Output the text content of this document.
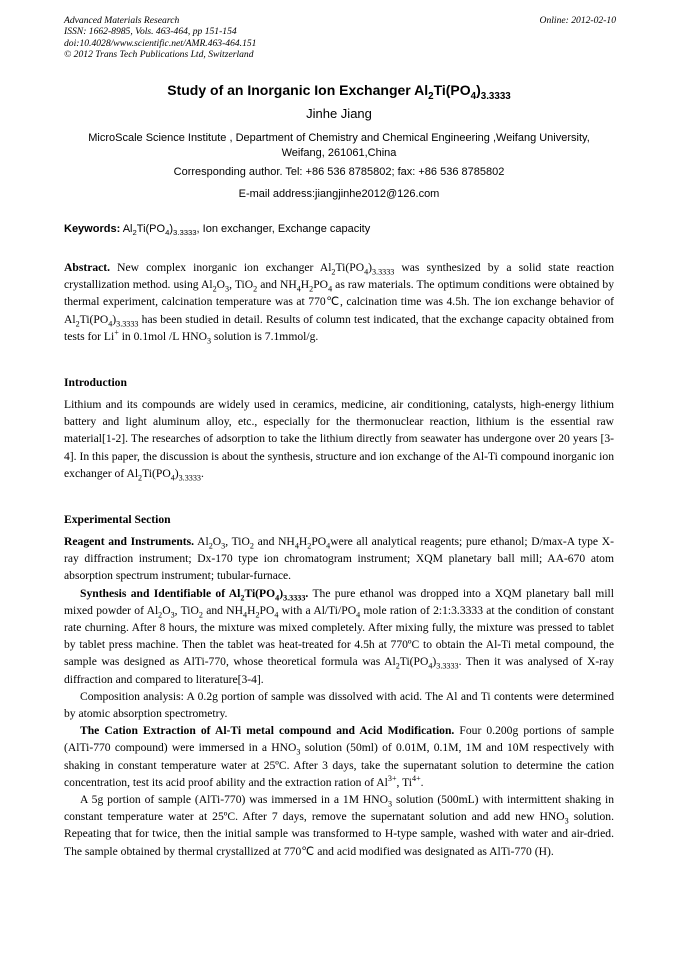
Advanced Materials Research
ISSN: 1662-8985, Vols. 463-464, pp 151-154
doi:10.4028/www.scientific.net/AMR.463-464.151
© 2012 Trans Tech Publications Ltd, Switzerland
Online: 2012-02-10
Study of an Inorganic Ion Exchanger $Al_2Ti(PO_4)_{3.3333}$
Jinhe Jiang
MicroScale Science Institute , Department of Chemistry and Chemical Engineering ,Weifang University, Weifang, 261061,China
Corresponding author. Tel: +86 536 8785802; fax: +86 536 8785802
E-mail address:jiangjinhe2012@126.com
Keywords: $Al_2Ti(PO_4)_{3.3333}$, Ion exchanger, Exchange capacity

Abstract. New complex inorganic ion exchanger $Al_2Ti(PO_4)_{3.3333}$ was synthesized by a solid state reaction crystallization method. using $Al_2O_3$, TiO$_2$ and $NH_4H_2PO_4$ as raw materials. The optimum conditions were obtained by thermal experiment, calcination temperature was at 770℃, calcination time was 4.5h. The ion exchange behavior of $Al_2Ti(PO_4)_{3.3333}$ has been studied in detail. Results of column test indicated, that the exchange capacity obtained from tests for Li+ in 0.1mol /L $HNO_3$ solution is 7.1mmol/g.

Introduction

Lithium and its compounds are widely used in ceramics, medicine, air conditioning, catalysts, high-energy lithium battery and light aluminum alloy, etc., especially for the thermonuclear reaction, lithium is the essential raw material[1-2]. The researches of adsorption to take the lithium directly from seawater has undergone over 20 years [3-4]. In this paper, the discussion is about the synthesis, structure and ion exchange of the Al-Ti compound inorganic ion exchanger of $Al_2Ti(PO_4)_{3.3333}$.

Experimental Section

Reagent and Instruments. $Al_2O_3$, TiO$_2$ and $NH_4H_2PO_4were$ all analytical reagents; pure ethanol; D/max-A type X-ray diffraction instrument; Dx-170 type ion chromatogram instrument; XQM planetary ball mill; AA-670 atom absorption spectrum instrument; tubular-furnace.

Synthesis and Identifiable of $Al_2Ti(PO_4)_{3.3333}$. The pure ethanol was dropped into a XQM planetary ball mill mixed powder of $Al_2O_3$, TiO$_2$ and $NH_4H_2PO_4$ with a $Al/Ti/PO_4$ mole ration of 2:1:3.3333 at the condition of constant rate churning. After 8 hours, the mixture was mixed completely. After mixing fully, the mixture was pressed to tablet by tablet press machine. Then the tablet was heat-treated for 4.5h at 770ºC to obtain the Al-Ti metal compound, the sample was designed as AlTi-770, whose theoretical formula was $Al_2Ti(PO_4)_{3.3333}$. Then it was analysed of X-ray diffraction and compared to literature[3-4].

Composition analysis: A 0.2g portion of sample was dissolved with acid. The Al and Ti contents were determined by atomic absorption spectrometry.

The Cation Extraction of Al-Ti metal compound and Acid Modification. Four 0.200g portions of sample (AlTi-770 compound) were immersed in a $HNO_3$ solution (50ml) of 0.01M, 0.1M, 1M and 10M respectively with shaking in constant temperature water at 25ºC. After 3 days, take the supernatant solution to determine the cation concentration, test its acid proof ability and the extraction ration of $Al^{3+}$, $Ti^{4+}$.

A 5g portion of sample (AlTi-770) was immersed in a 1M $HNO_3$ solution (500mL) with intermittent shaking in constant temperature water at 25ºC. After 7 days, remove the supernatant solution and add new $HNO_3$ solution. Repeating that for twice, then the initial sample was transformed to H-type sample, washed with water and air-dried. The sample obtained by thermal crystallized at 770℃ and acid modified was designated as AlTi-770 (H).
